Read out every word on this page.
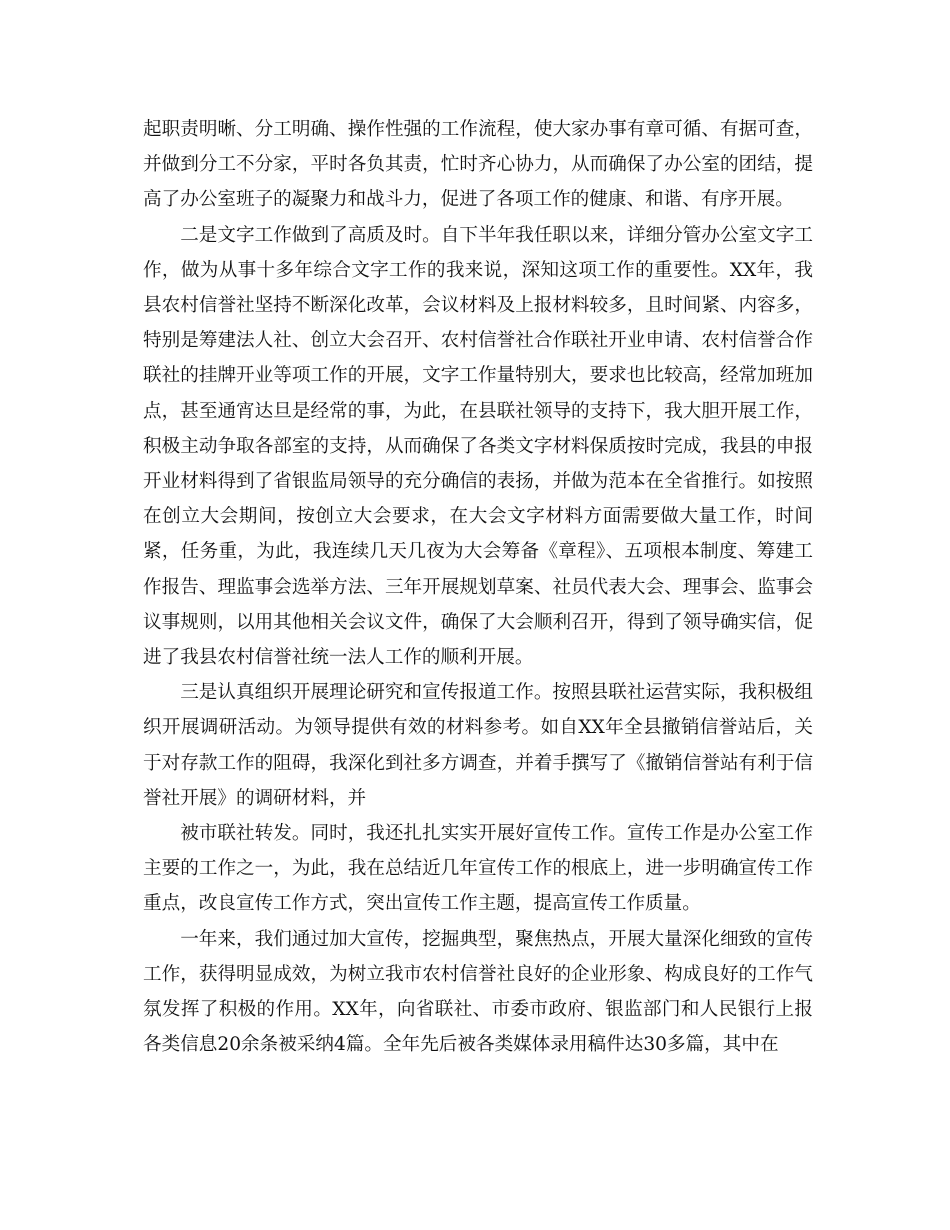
起职责明晰、分工明确、操作性强的工作流程，使大家办事有章可循、有据可查，并做到分工不分家，平时各负其责，忙时齐心协力，从而确保了办公室的团结，提高了办公室班子的凝聚力和战斗力，促进了各项工作的健康、和谐、有序开展。

二是文字工作做到了高质及时。自下半年我任职以来，详细分管办公室文字工作，做为从事十多年综合文字工作的我来说，深知这项工作的重要性。XX年，我县农村信誉社坚持不断深化改革，会议材料及上报材料较多，且时间紧、内容多，特别是筹建法人社、创立大会召开、农村信誉社合作联社开业申请、农村信誉合作联社的挂牌开业等项工作的开展，文字工作量特别大，要求也比较高，经常加班加点，甚至通宵达旦是经常的事，为此，在县联社领导的支持下，我大胆开展工作，积极主动争取各部室的支持，从而确保了各类文字材料保质按时完成，我县的申报开业材料得到了省银监局领导的充分确信的表扬，并做为范本在全省推行。如按照在创立大会期间，按创立大会要求，在大会文字材料方面需要做大量工作，时间紧，任务重，为此，我连续几天几夜为大会筹备《章程》、五项根本制度、筹建工作报告、理监事会选举方法、三年开展规划草案、社员代表大会、理事会、监事会议事规则，以用其他相关会议文件，确保了大会顺利召开，得到了领导确实信，促进了我县农村信誉社统一法人工作的顺利开展。

三是认真组织开展理论研究和宣传报道工作。按照县联社运营实际，我积极组织开展调研活动。为领导提供有效的材料参考。如自XX年全县撤销信誉站后，关于对存款工作的阻碍，我深化到社多方调查，并着手撰写了《撤销信誉站有利于信誉社开展》的调研材料，并

被市联社转发。同时，我还扎扎实实开展好宣传工作。宣传工作是办公室工作主要的工作之一，为此，我在总结近几年宣传工作的根底上，进一步明确宣传工作重点，改良宣传工作方式，突出宣传工作主题，提高宣传工作质量。

一年来，我们通过加大宣传，挖掘典型，聚焦热点，开展大量深化细致的宣传工作，获得明显成效，为树立我市农村信誉社良好的企业形象、构成良好的工作气氛发挥了积极的作用。XX年，向省联社、市委市政府、银监部门和人民银行上报各类信息20余条被采纳4篇。全年先后被各类媒体录用稿件达30多篇，其中在
